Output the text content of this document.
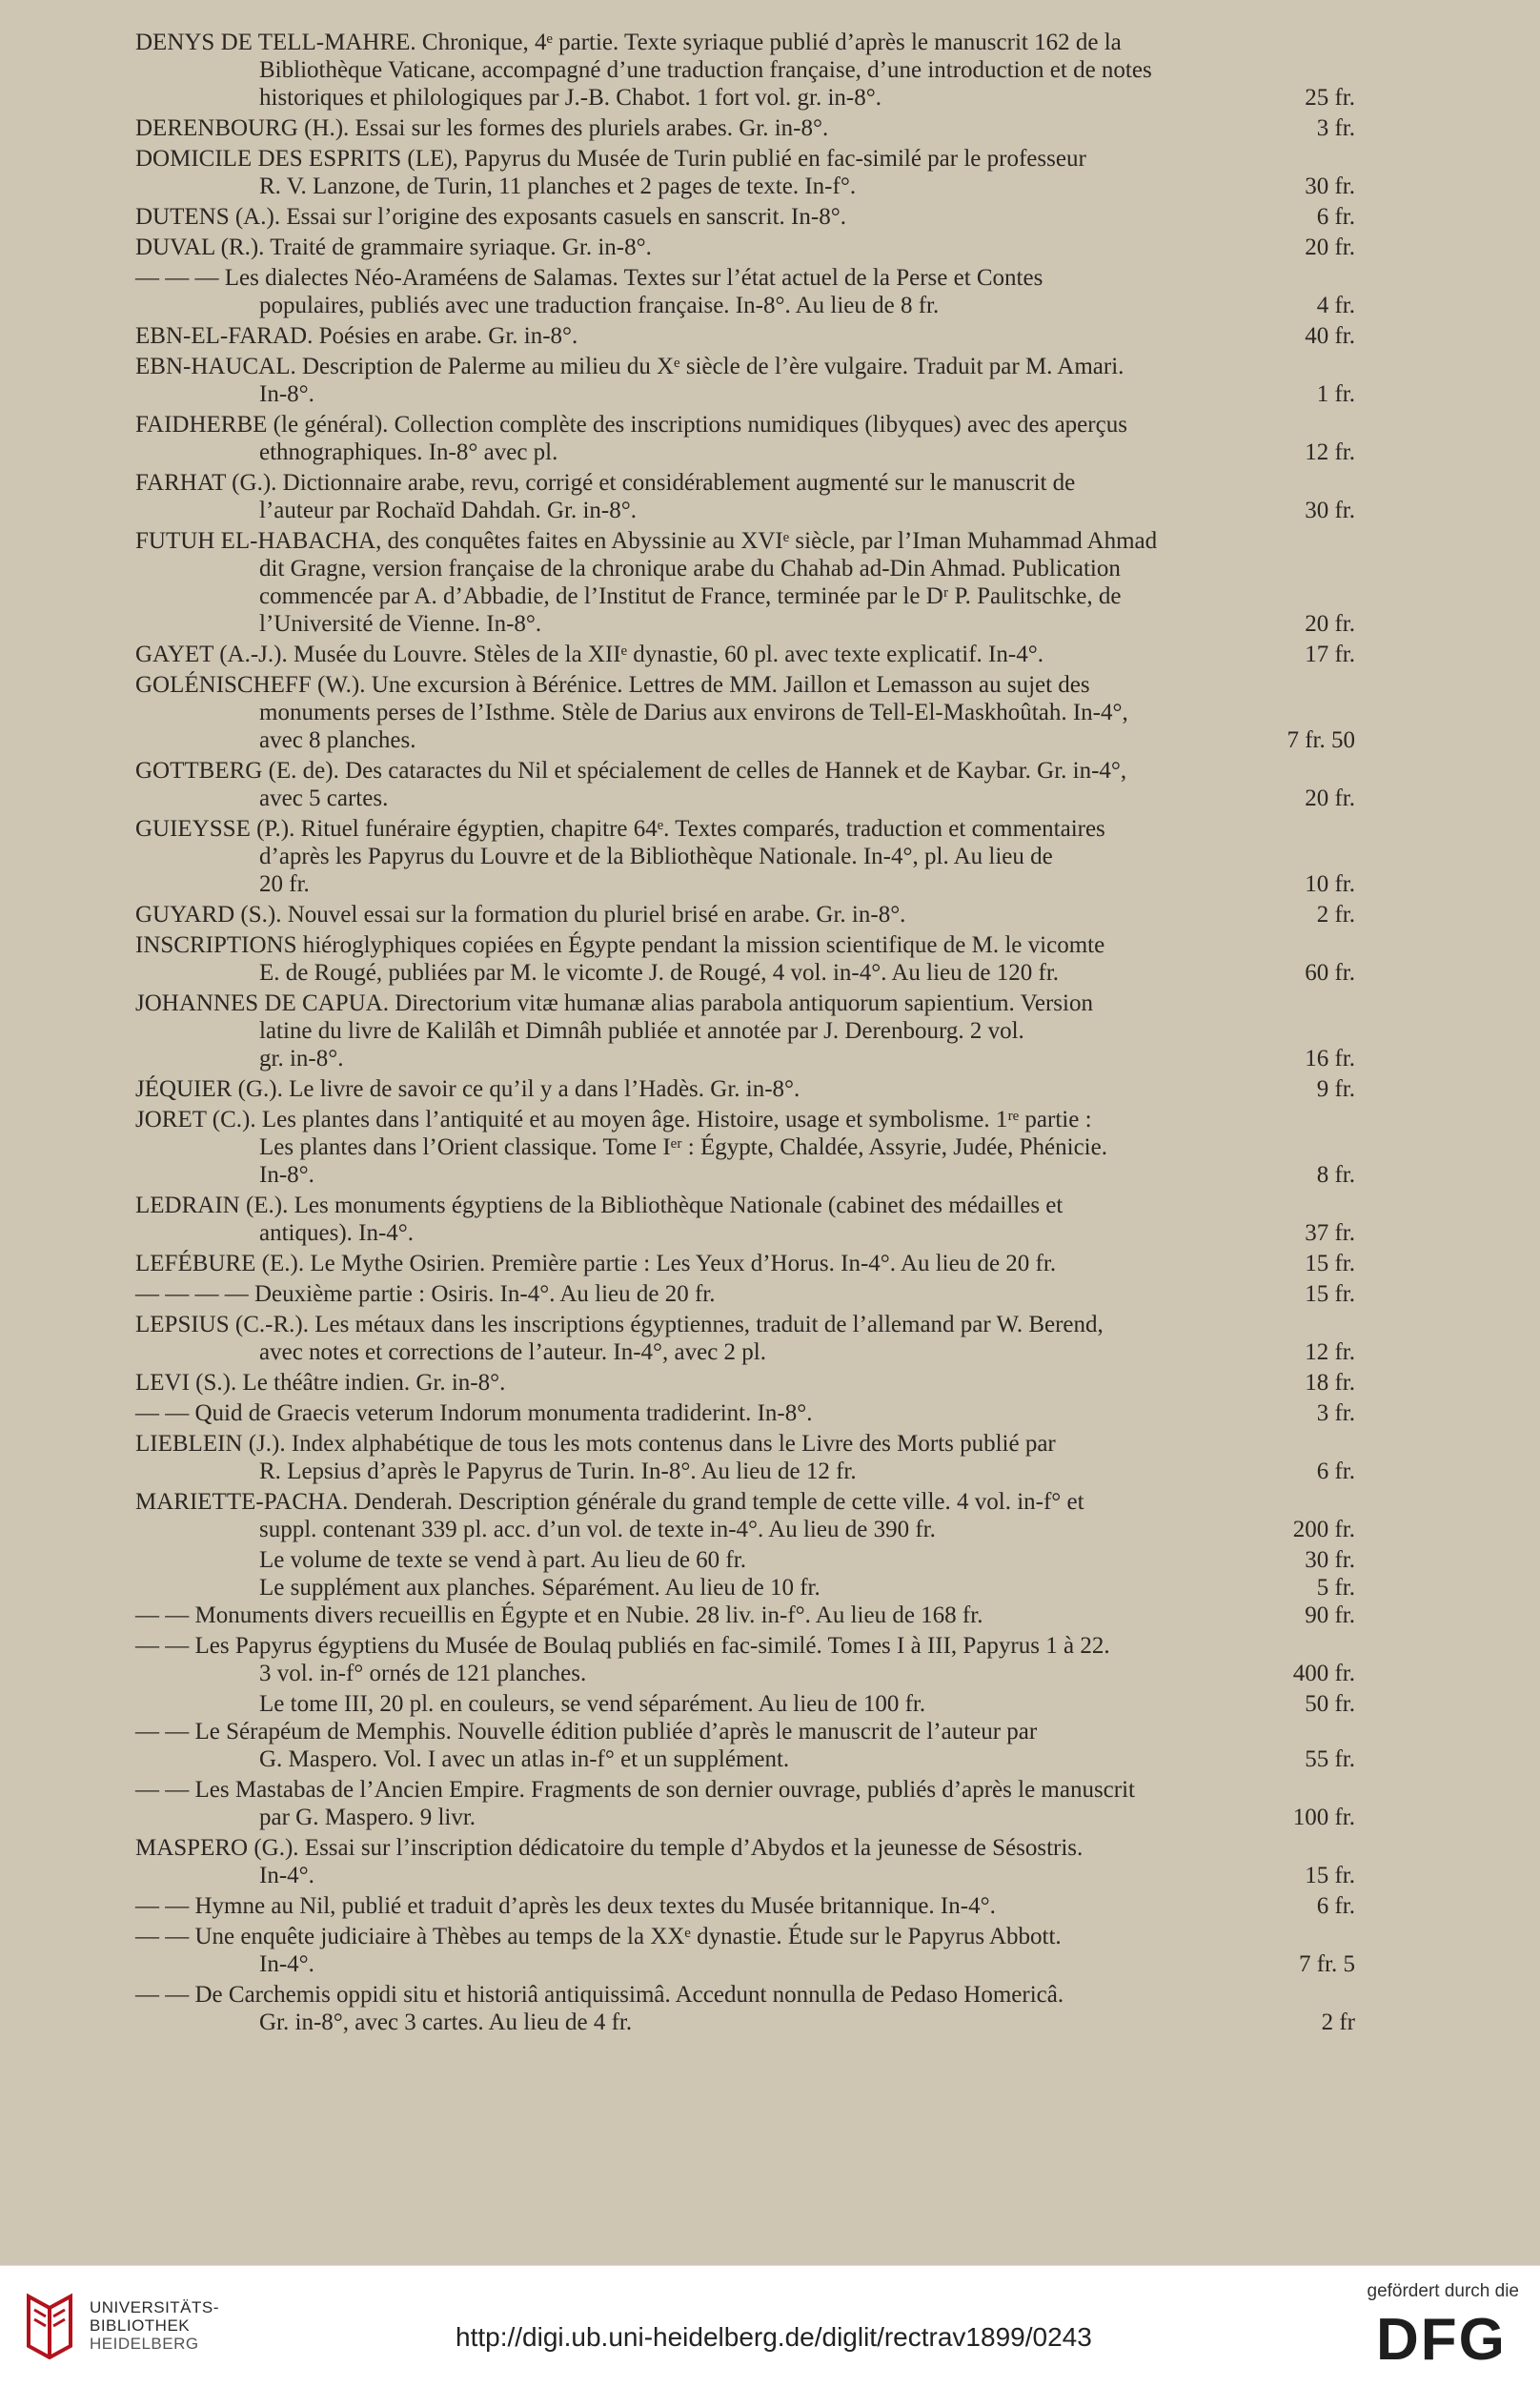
DENYS DE TELL-MAHRE. Chronique, 4ᵉ partie. Texte syriaque publié d’après le manuscrit 162 de la
Bibliothèque Vaticane, accompagné d’une traduction française, d’une introduction et de notes
historiques et philologiques par J.-B. Chabot. 1 fort vol. gr. in-8°.	25 fr.
DERENBOURG (H.). Essai sur les formes des pluriels arabes. Gr. in-8°.	3 fr.
DOMICILE DES ESPRITS (LE), Papyrus du Musée de Turin publié en fac-similé par le professeur
R. V. Lanzone, de Turin, 11 planches et 2 pages de texte. In-f°.	30 fr.
DUTENS (A.). Essai sur l’origine des exposants casuels en sanscrit. In-8°.	6 fr.
DUVAL (R.). Traité de grammaire syriaque. Gr. in-8°.	20 fr.
— — — Les dialectes Néo-Araméens de Salamas. Textes sur l’état actuel de la Perse et Contes
populaires, publiés avec une traduction française. In-8°. Au lieu de 8 fr.	4 fr.
EBN-EL-FARAD. Poésies en arabe. Gr. in-8°.	40 fr.
EBN-HAUCAL. Description de Palerme au milieu du Xᵉ siècle de l’ère vulgaire. Traduit par M. Amari.
In-8°.	1 fr.
FAIDHERBE (le général). Collection complète des inscriptions numidiques (libyques) avec des aperçus
ethnographiques. In-8° avec pl.	12 fr.
FARHAT (G.). Dictionnaire arabe, revu, corrigé et considérablement augmenté sur le manuscrit de
l’auteur par Rochaïd Dahdah. Gr. in-8°.	30 fr.
FUTUH EL-HABACHA, des conquêtes faites en Abyssinie au XVIᵉ siècle, par l’Iman Muhammad Ahmad
dit Gragne, version française de la chronique arabe du Chahab ad-Din Ahmad. Publication
commencée par A. d’Abbadie, de l’Institut de France, terminée par le Dʳ P. Paulitschke, de
l’Université de Vienne. In-8°.	20 fr.
GAYET (A.-J.). Musée du Louvre. Stèles de la XIIᵉ dynastie, 60 pl. avec texte explicatif. In-4°.	17 fr.
GOLÉNISCHEFF (W.). Une excursion à Bérénice. Lettres de MM. Jaillon et Lemasson au sujet des
monuments perses de l’Isthme. Stèle de Darius aux environs de Tell-El-Maskhoûtah. In-4°,
avec 8 planches.	7 fr. 50
GOTTBERG (E. de). Des cataractes du Nil et spécialement de celles de Hannek et de Kaybar. Gr. in-4°,
avec 5 cartes.	20 fr.
GUIEYSSE (P.). Rituel funéraire égyptien, chapitre 64ᵉ. Textes comparés, traduction et commentaires
d’après les Papyrus du Louvre et de la Bibliothèque Nationale. In-4°, pl. Au lieu de
20 fr.	10 fr.
GUYARD (S.). Nouvel essai sur la formation du pluriel brisé en arabe. Gr. in-8°.	2 fr.
INSCRIPTIONS hiéroglyphiques copiées en Égypte pendant la mission scientifique de M. le vicomte
E. de Rougé, publiées par M. le vicomte J. de Rougé, 4 vol. in-4°. Au lieu de 120 fr.	60 fr.
JOHANNES DE CAPUA. Directorium vitæ humanæ alias parabola antiquorum sapientium. Version
latine du livre de Kalilâh et Dimnâh publiée et annotée par J. Derenbourg. 2 vol.
gr. in-8°.	16 fr.
JÉQUIER (G.). Le livre de savoir ce qu’il y a dans l’Hadès. Gr. in-8°.	9 fr.
JORET (C.). Les plantes dans l’antiquité et au moyen âge. Histoire, usage et symbolisme. 1ʳᵉ partie :
Les plantes dans l’Orient classique. Tome Iᵉʳ : Égypte, Chaldée, Assyrie, Judée, Phénicie.
In-8°.	8 fr.
LEDRAIN (E.). Les monuments égyptiens de la Bibliothèque Nationale (cabinet des médailles et
antiques). In-4°.	37 fr.
LEFÉBURE (E.). Le Mythe Osirien. Première partie : Les Yeux d’Horus. In-4°. Au lieu de 20 fr.	15 fr.
— — — — Deuxième partie : Osiris. In-4°. Au lieu de 20 fr.	15 fr.
LEPSIUS (C.-R.). Les métaux dans les inscriptions égyptiennes, traduit de l’allemand par W. Berend,
avec notes et corrections de l’auteur. In-4°, avec 2 pl.	12 fr.
LEVI (S.). Le théâtre indien. Gr. in-8°.	18 fr.
— — Quid de Graecis veterum Indorum monumenta tradiderint. In-8°.	3 fr.
LIEBLEIN (J.). Index alphabétique de tous les mots contenus dans le Livre des Morts publié par
R. Lepsius d’après le Papyrus de Turin. In-8°. Au lieu de 12 fr.	6 fr.
MARIETTE-PACHA. Denderah. Description générale du grand temple de cette ville. 4 vol. in-f° et
suppl. contenant 339 pl. acc. d’un vol. de texte in-4°. Au lieu de 390 fr.	200 fr.
Le volume de texte se vend à part. Au lieu de 60 fr.	30 fr.
Le supplément aux planches. Séparément. Au lieu de 10 fr.	5 fr.
— — Monuments divers recueillis en Égypte et en Nubie. 28 liv. in-f°. Au lieu de 168 fr.	90 fr.
— — Les Papyrus égyptiens du Musée de Boulaq publiés en fac-similé. Tomes I à III, Papyrus 1 à 22.
3 vol. in-f° ornés de 121 planches.	400 fr.
Le tome III, 20 pl. en couleurs, se vend séparément. Au lieu de 100 fr.	50 fr.
— — Le Sérapéum de Memphis. Nouvelle édition publiée d’après le manuscrit de l’auteur par
G. Maspero. Vol. I avec un atlas in-f° et un supplément.	55 fr.
— — Les Mastabas de l’Ancien Empire. Fragments de son dernier ouvrage, publiés d’après le manuscrit
par G. Maspero. 9 livr.	100 fr.
MASPERO (G.). Essai sur l’inscription dédicatoire du temple d’Abydos et la jeunesse de Sésostris.
In-4°.	15 fr.
— — Hymne au Nil, publié et traduit d’après les deux textes du Musée britannique. In-4°.	6 fr.
— — Une enquête judiciaire à Thèbes au temps de la XXᵉ dynastie. Étude sur le Papyrus Abbott.
In-4°.	7 fr. 5
— — De Carchemis oppidi situ et historiâ antiquissimâ. Accedunt nonnulla de Pedaso Homericâ.
Gr. in-8°, avec 3 cartes. Au lieu de 4 fr.	2 fr
UNIVERSITÄTS-
BIBLIOTHEK
HEIDELBERG
gefördert durch die
DFG
http://digi.ub.uni-heidelberg.de/diglit/rectrav1899/0243
